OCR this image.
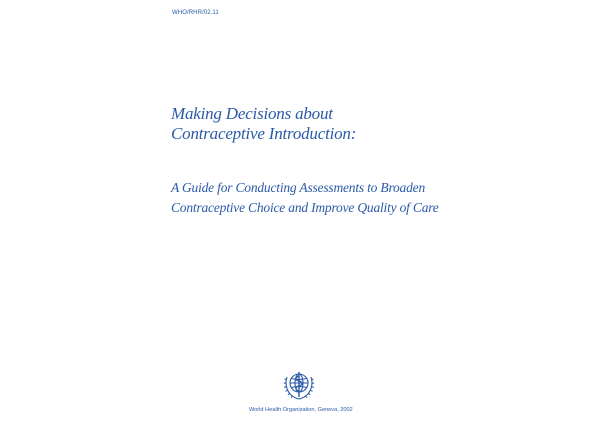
WHO/RHR/02.11
Making Decisions about
Contraceptive Introduction:
A Guide for Conducting Assessments to Broaden
Contraceptive Choice and Improve Quality of Care
World Health Organization, Geneva, 2002
